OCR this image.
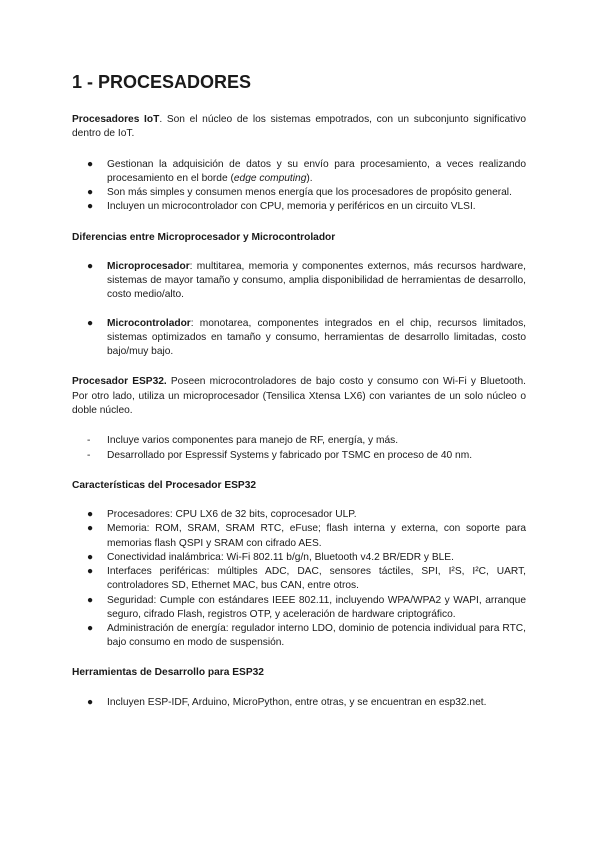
1 - PROCESADORES

Procesadores IoT. Son el núcleo de los sistemas empotrados, con un subconjunto significativo dentro de IoT.

● Gestionan la adquisición de datos y su envío para procesamiento, a veces realizando procesamiento en el borde (edge computing).
● Son más simples y consumen menos energía que los procesadores de propósito general.
● Incluyen un microcontrolador con CPU, memoria y periféricos en un circuito VLSI.
Diferencias entre Microprocesador y Microcontrolador
● Microprocesador: multitarea, memoria y componentes externos, más recursos hardware, sistemas de mayor tamaño y consumo, amplia disponibilidad de herramientas de desarrollo, costo medio/alto.
● Microcontrolador: monotarea, componentes integrados en el chip, recursos limitados, sistemas optimizados en tamaño y consumo, herramientas de desarrollo limitadas, costo bajo/muy bajo.

Procesador ESP32. Poseen microcontroladores de bajo costo y consumo con Wi-Fi y Bluetooth. Por otro lado, utiliza un microprocesador (Tensilica Xtensa LX6) con variantes de un solo núcleo o doble núcleo.

- Incluye varios componentes para manejo de RF, energía, y más.
- Desarrollado por Espressif Systems y fabricado por TSMC en proceso de 40 nm.
Características del Procesador ESP32
● Procesadores: CPU LX6 de 32 bits, coprocesador ULP.
● Memoria: ROM, SRAM, SRAM RTC, eFuse; flash interna y externa, con soporte para memorias flash QSPI y SRAM con cifrado AES.
● Conectividad inalámbrica: Wi-Fi 802.11 b/g/n, Bluetooth v4.2 BR/EDR y BLE.
● Interfaces periféricas: múltiples ADC, DAC, sensores táctiles, SPI, I²S, I²C, UART, controladores SD, Ethernet MAC, bus CAN, entre otros.
● Seguridad: Cumple con estándares IEEE 802.11, incluyendo WPA/WPA2 y WAPI, arranque seguro, cifrado Flash, registros OTP, y aceleración de hardware criptográfico.
● Administración de energía: regulador interno LDO, dominio de potencia individual para RTC, bajo consumo en modo de suspensión.
Herramientas de Desarrollo para ESP32
● Incluyen ESP-IDF, Arduino, MicroPython, entre otras, y se encuentran en esp32.net.
